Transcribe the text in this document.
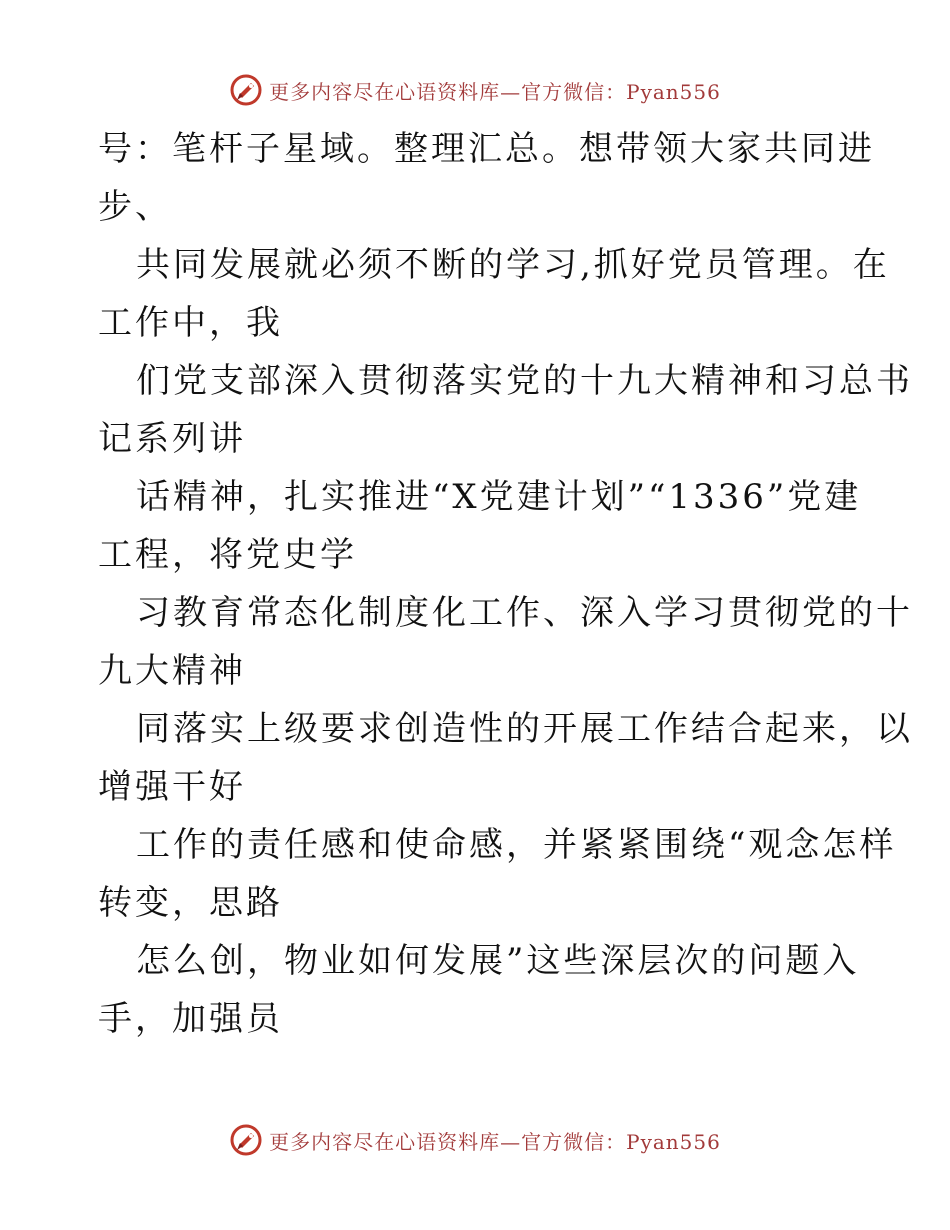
更多内容尽在心语资料库—官方微信：Pyan556
号：笔杆子星域。整理汇总。想带领大家共同进
步、
共同发展就必须不断的学习,抓好党员管理。在
工作中，我
们党支部深入贯彻落实党的十九大精神和习总书
记系列讲
话精神，扎实推进“X党建计划”“1336”党建
工程，将党史学
习教育常态化制度化工作、深入学习贯彻党的十
九大精神
同落实上级要求创造性的开展工作结合起来，以
增强干好
工作的责任感和使命感，并紧紧围绕“观念怎样
转变，思路
怎么创，物业如何发展”这些深层次的问题入
手，加强员
更多内容尽在心语资料库—官方微信：Pyan556
